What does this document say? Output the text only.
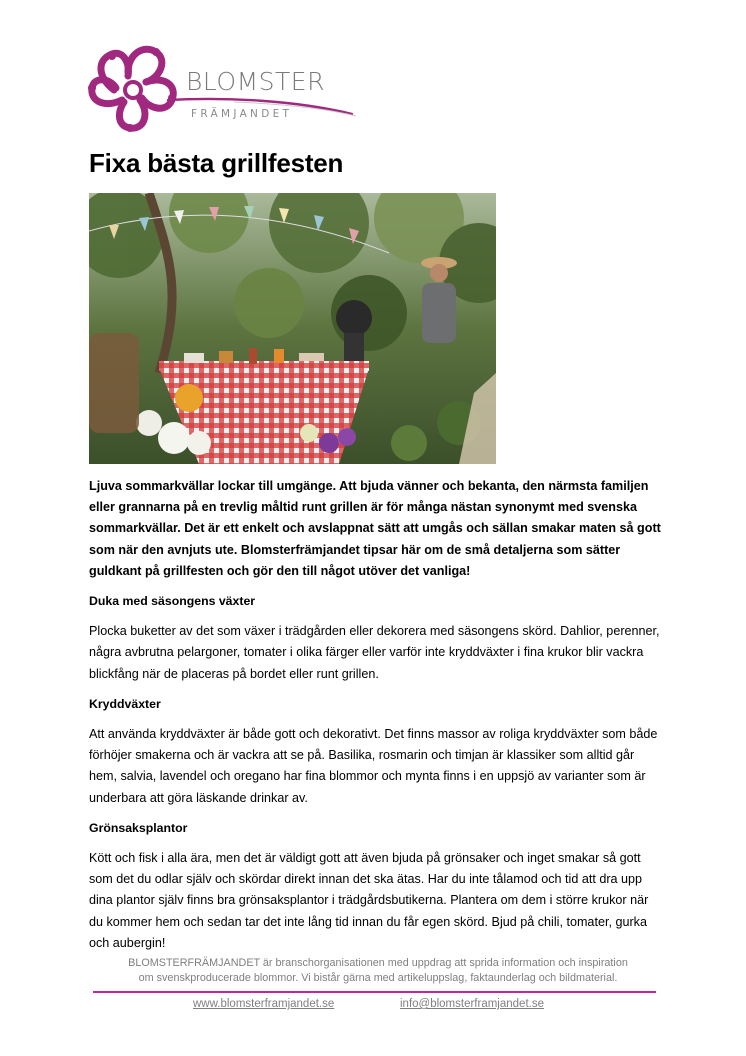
BLOMSTER
FRÄMJANDET
Fixa bästa grillfesten

Ljuva sommarkvällar lockar till umgänge. Att bjuda vänner och bekanta, den närmsta familjen eller grannarna på en trevlig måltid runt grillen är för många nästan synonymt med svenska sommarkvällar. Det är ett enkelt och avslappnat sätt att umgås och sällan smakar maten så gott som när den avnjuts ute. Blomsterfrämjandet tipsar här om de små detaljerna som sätter guldkant på grillfesten och gör den till något utöver det vanliga!

Duka med säsongens växter

Plocka buketter av det som växer i trädgården eller dekorera med säsongens skörd. Dahlior, perenner, några avbrutna pelargoner, tomater i olika färger eller varför inte kryddväxter i fina krukor blir vackra blickfång när de placeras på bordet eller runt grillen.

Kryddväxter

Att använda kryddväxter är både gott och dekorativt. Det finns massor av roliga kryddväxter som både förhöjer smakerna och är vackra att se på. Basilika, rosmarin och timjan är klassiker som alltid går hem, salvia, lavendel och oregano har fina blommor och mynta finns i en uppsjö av varianter som är underbara att göra läskande drinkar av.

Grönsaksplantor

Kött och fisk i alla ära, men det är väldigt gott att även bjuda på grönsaker och inget smakar så gott som det du odlar själv och skördar direkt innan det ska ätas. Har du inte tålamod och tid att dra upp dina plantor själv finns bra grönsaksplantor i trädgårdsbutikerna. Plantera om dem i större krukor när du kommer hem och sedan tar det inte lång tid innan du får egen skörd. Bjud på chili, tomater, gurka och aubergin!

BLOMSTERFRÄMJANDET är branschorganisationen med uppdrag att sprida information och inspiration
om svenskproducerade blommor. Vi bistår gärna med artikeluppslag, faktaunderlag och bildmaterial.
www.blomsterframjandet.se	info@blomsterframjandet.se
